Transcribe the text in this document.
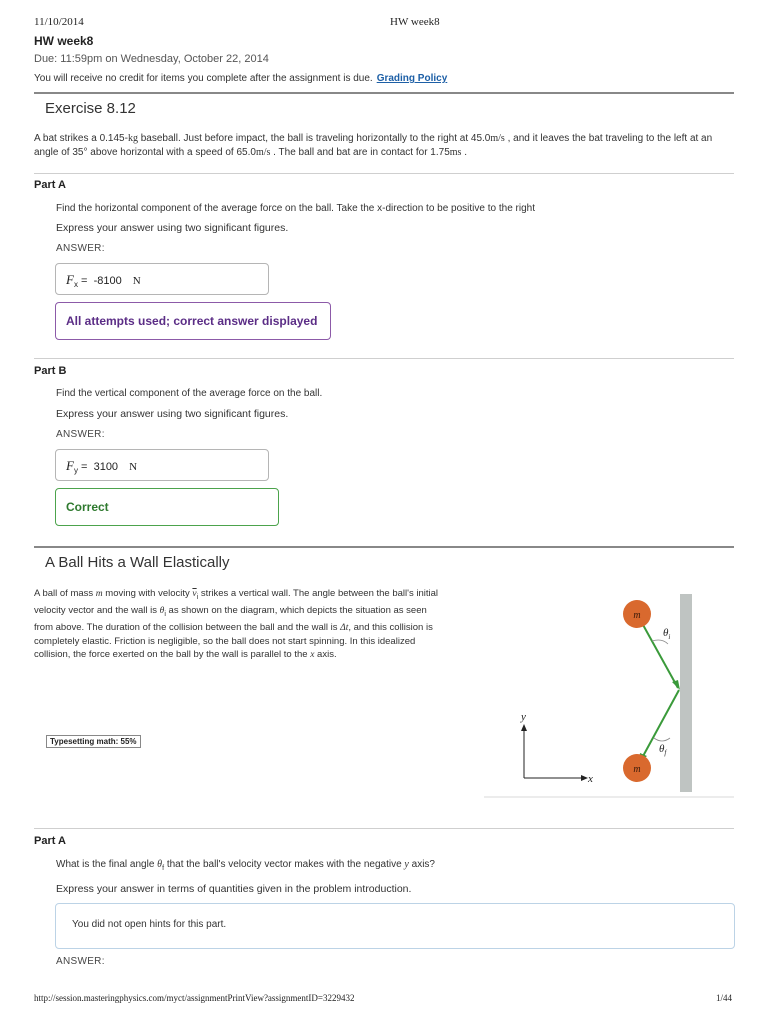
11/10/2014	HW week8
HW week8
Due: 11:59pm on Wednesday, October 22, 2014
You will receive no credit for items you complete after the assignment is due. Grading Policy
Exercise 8.12
A bat strikes a 0.145-kg baseball. Just before impact, the ball is traveling horizontally to the right at 45.0m/s , and it leaves the bat traveling to the left at an angle of 35° above horizontal with a speed of 65.0m/s . The ball and bat are in contact for 1.75ms .
Part A
Find the horizontal component of the average force on the ball. Take the x-direction to be positive to the right
Express your answer using two significant figures.
ANSWER:
$F_x = -8100$ N
All attempts used; correct answer displayed
Part B
Find the vertical component of the average force on the ball.
Express your answer using two significant figures.
ANSWER:
$F_y = 3100$ N
Correct
A Ball Hits a Wall Elastically
A ball of mass m moving with velocity $\overline{v}_i$ strikes a vertical wall. The angle between the ball's initial velocity vector and the wall is $\theta_i$ as shown on the diagram, which depicts the situation as seen from above. The duration of the collision between the ball and the wall is Δt, and this collision is completely elastic. Friction is negligible, so the ball does not start spinning. In this idealized collision, the force exerted on the ball by the wall is parallel to the x axis.
Typesetting math: 55%
$\theta_i$
$\theta_f$
m
m
y
x
Part A
What is the final angle $\theta_f$ that the ball's velocity vector makes with the negative y axis?
Express your answer in terms of quantities given in the problem introduction.
You did not open hints for this part.
ANSWER:
http://session.masteringphysics.com/myct/assignmentPrintView?assignmentID=3229432	1/44
